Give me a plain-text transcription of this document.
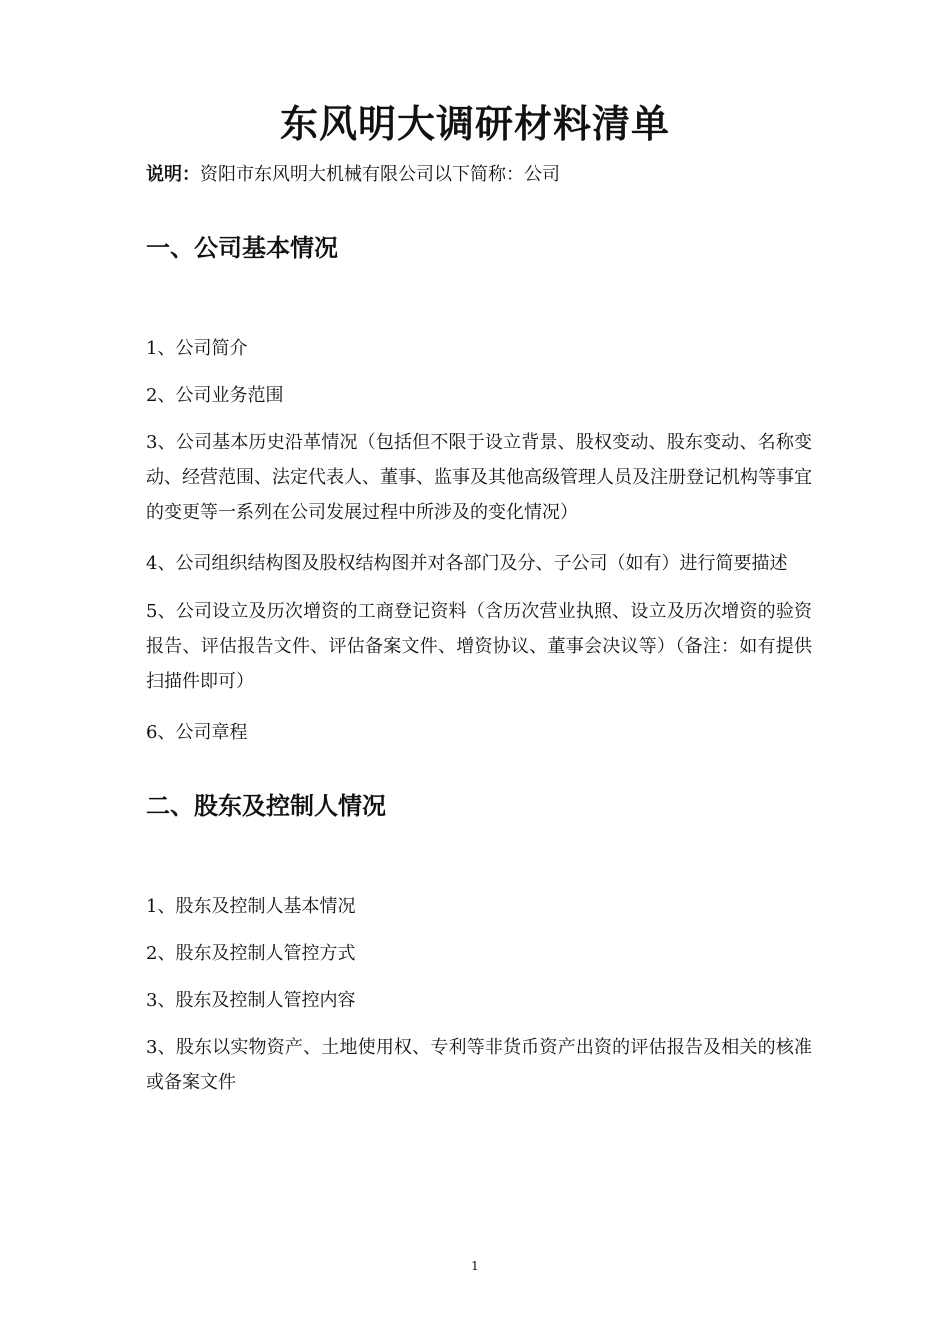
东风明大调研材料清单
说明：资阳市东风明大机械有限公司以下简称：公司
一、公司基本情况

1、公司简介

2、公司业务范围

3、公司基本历史沿革情况（包括但不限于设立背景、股权变动、股东变动、名称变动、经营范围、法定代表人、董事、监事及其他高级管理人员及注册登记机构等事宜的变更等一系列在公司发展过程中所涉及的变化情况）

4、公司组织结构图及股权结构图并对各部门及分、子公司（如有）进行简要描述

5、公司设立及历次增资的工商登记资料（含历次营业执照、设立及历次增资的验资报告、评估报告文件、评估备案文件、增资协议、董事会决议等）（备注：如有提供扫描件即可）

6、公司章程

二、股东及控制人情况

1、股东及控制人基本情况

2、股东及控制人管控方式

3、股东及控制人管控内容

3、股东以实物资产、土地使用权、专利等非货币资产出资的评估报告及相关的核准或备案文件

1
